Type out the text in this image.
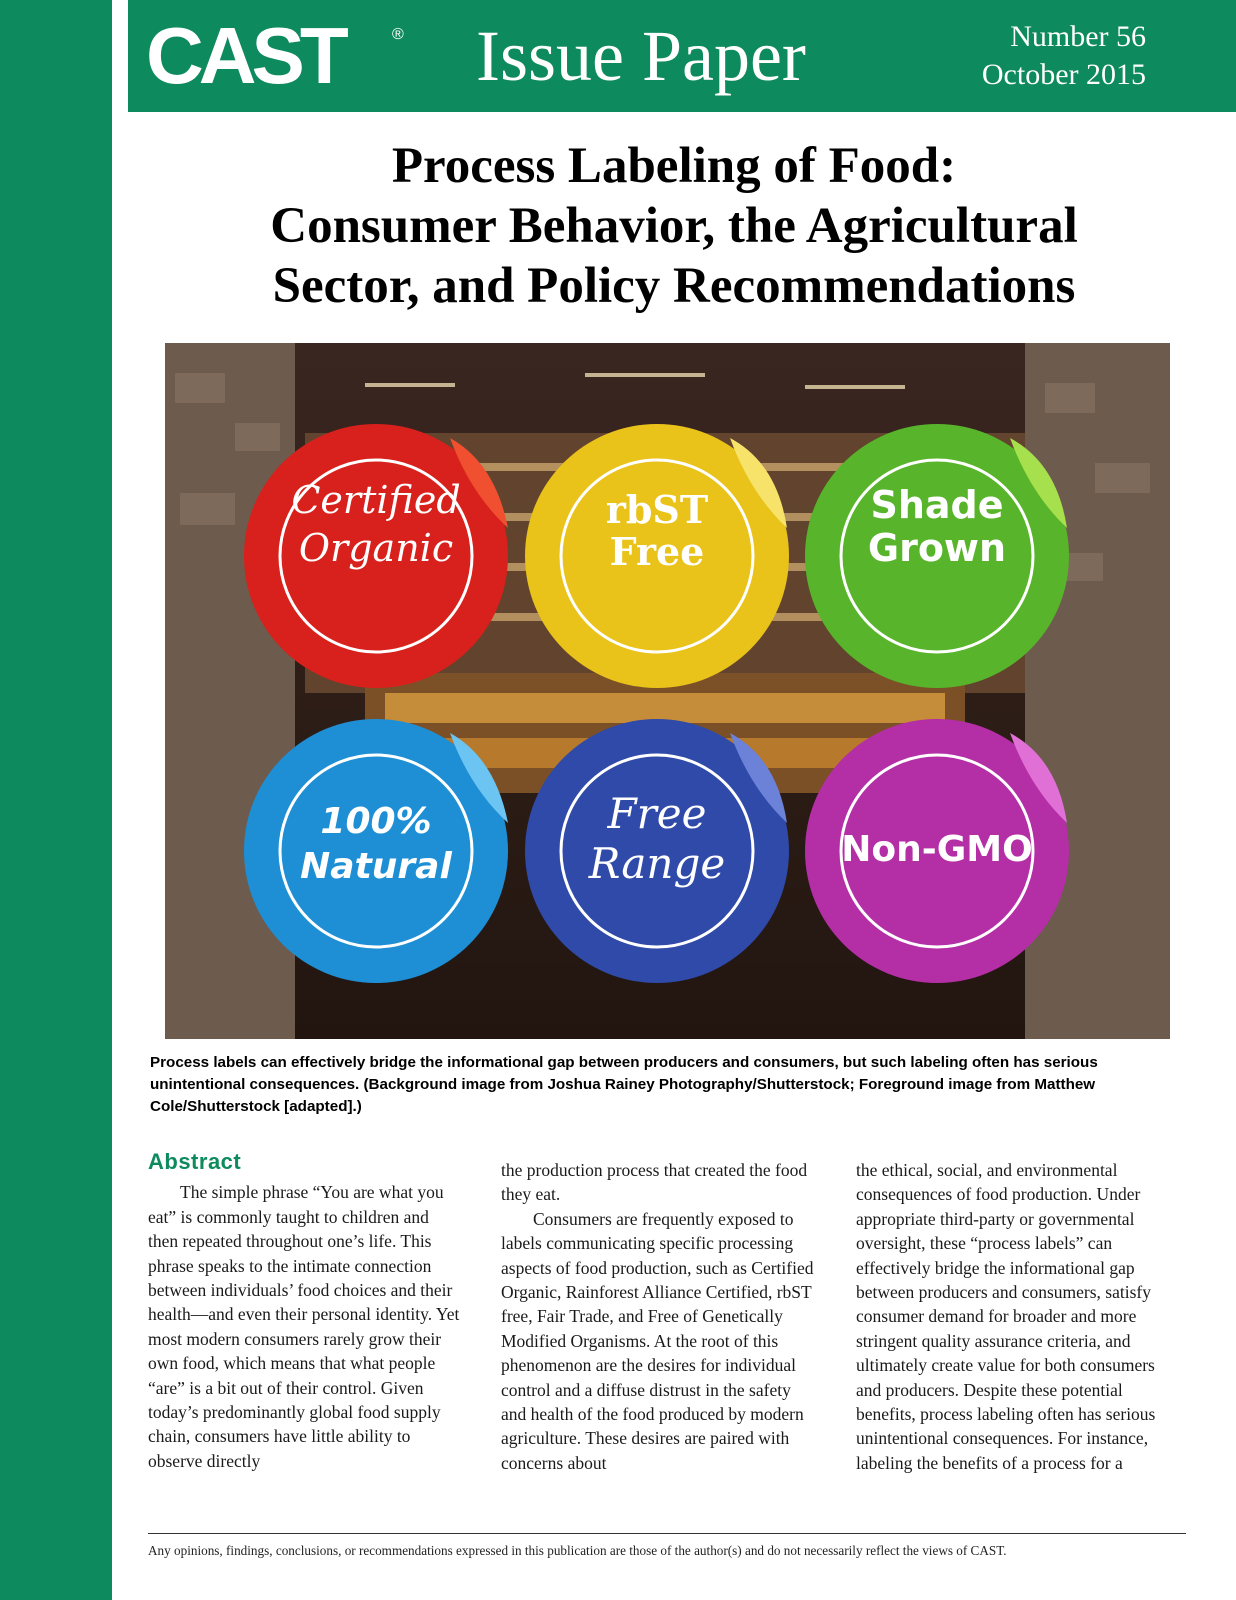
CAST	® Issue Paper	Number 56
October 2015
Process Labeling of Food:
Consumer Behavior, the Agricultural
Sector, and Policy Recommendations
Certified
Organic
rbST
Free
Shade
Grown
100%
Natural
Free
Range	Non-GMO

Process labels can effectively bridge the informational gap between producers and consumers, but such labeling often has serious unintentional consequences. (Background image from Joshua Rainey Photography/Shutterstock; Foreground image from Matthew Cole/Shutterstock [adapted].)

Abstract

The simple phrase “You are what you eat” is commonly taught to children and then repeated throughout one’s life. This phrase speaks to the intimate connection between individuals’ food choices and their health—and even their personal identity. Yet most modern consumers rarely grow their own food, which means that what people “are” is a bit out of their control. Given today’s predominantly global food supply chain, consumers have little ability to observe directly

the production process that created the food they eat.

Consumers are frequently exposed to labels communicating specific processing aspects of food production, such as Certified Organic, Rainforest Alliance Certified, rbST free, Fair Trade, and Free of Genetically Modified Organisms. At the root of this phenomenon are the desires for individual control and a diffuse distrust in the safety and health of the food produced by modern agriculture. These desires are paired with concerns about

the ethical, social, and environmental consequences of food production. Under appropriate third-party or governmental oversight, these “process labels” can effectively bridge the informational gap between producers and consumers, satisfy consumer demand for broader and more stringent quality assurance criteria, and ultimately create value for both consumers and producers. Despite these potential benefits, process labeling often has serious unintentional consequences. For instance, labeling the benefits of a process for a

Any opinions, findings, conclusions, or recommendations expressed in this publication are those of the author(s) and do not necessarily reflect the views of CAST.
